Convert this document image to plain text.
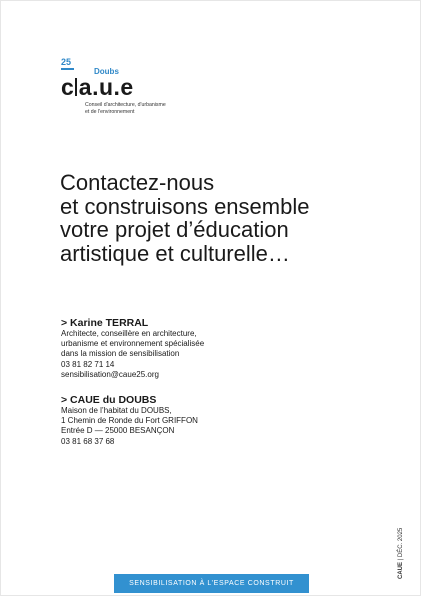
25
Doubs
c a.u.e
Conseil d'architecture, d'urbanisme
et de l'environnement
Contactez-nous
et construisons ensemble
votre projet d’éducation
artistique et culturelle…
> Karine TERRAL
Architecte, conseillère en architecture,
urbanisme et environnement spécialisée
dans la mission de sensibilisation
03 81 82 71 14
sensibilisation@caue25.org
> CAUE du DOUBS
Maison de l’habitat du DOUBS,
1 Chemin de Ronde du Fort GRIFFON
Entrée D — 25000 BESANÇON
03 81 68 37 68
CAUE | DÉC. 2025
SENSIBILISATION À L’ESPACE CONSTRUIT
